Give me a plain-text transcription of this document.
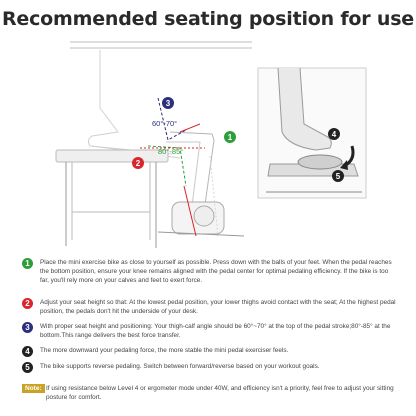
Recommended seating position for use
60°-70°
80°-85°
3
1
2
4
5
1	Place the mini exercise bike as close to yourself as possible. Press down with the balls of your feet. When the pedal reaches the bottom position, ensure your knee remains aligned with the pedal center for optimal pedaling efficiency. If the bike is too far, you'll rely more on your calves and feet to exert force.
2	Adjust your seat height so that: At the lowest pedal position, your lower thighs avoid contact with the seat; At the highest pedal position, the pedals don't hit the underside of your desk.
3	With proper seat height and positioning: Your thigh-calf angle should be 60°~70° at the top of the pedal stroke;80°-85° at the bottom.This range delivers the best force transfer.
4	The more downward your pedaling force, the more stable the mini pedal exerciser feels.
5	The bike supports reverse pedaling. Switch between forward/reverse based on your workout goals.
Note: If using resistance below Level 4 or ergometer mode under 40W, and efficiency isn't a priority, feel free to adjust your sitting posture for comfort.
